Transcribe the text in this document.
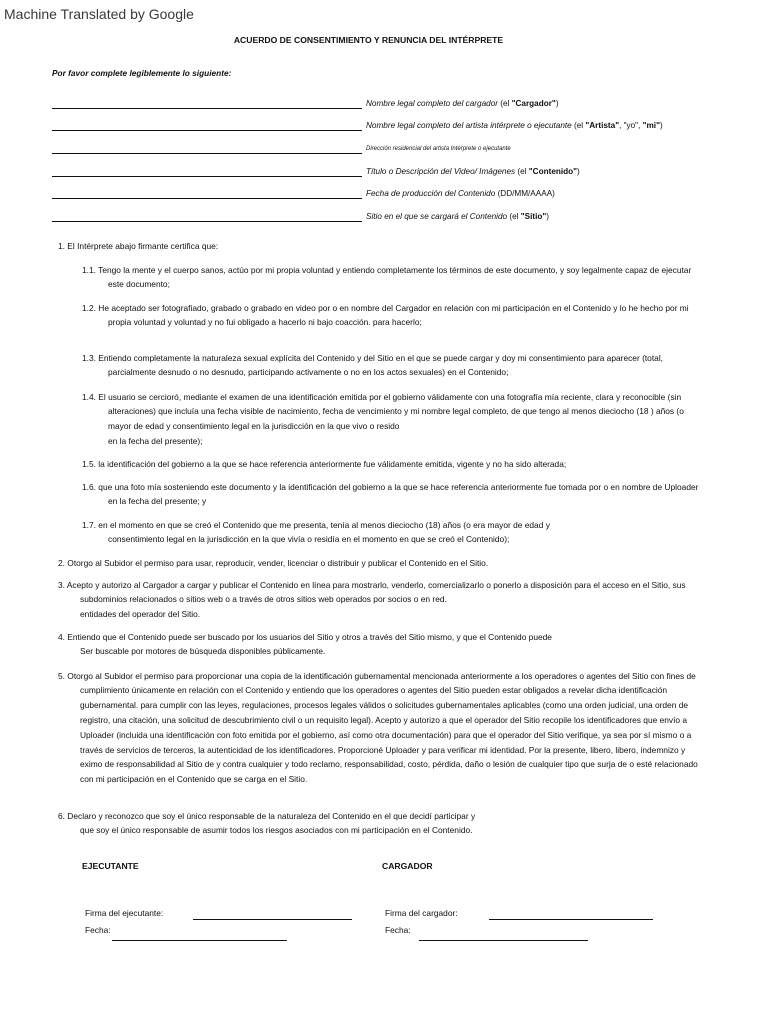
Machine Translated by Google
ACUERDO DE CONSENTIMIENTO Y RENUNCIA DEL INTÉRPRETE
Por favor complete legiblemente lo siguiente:
Nombre legal completo del cargador (el "Cargador")
Nombre legal completo del artista intérprete o ejecutante (el "Artista", "yo", "mi")
Dirección residencial del artista Intérprete o ejecutante
Título o Descripción del Video/ Imágenes (el "Contenido")
Fecha de producción del Contenido (DD/MM/AAAA)
Sitio en el que se cargará el Contenido (el "Sitio")
1. El Intérprete abajo firmante certifica que:
1.1. Tengo la mente y el cuerpo sanos, actúo por mi propia voluntad y entiendo completamente los términos de este documento, y soy legalmente capaz de ejecutar
este documento;
1.2. He aceptado ser fotografiado, grabado o grabado en video por o en nombre del Cargador en relación con mi participación en el Contenido y lo he hecho por mi
propia voluntad y voluntad y no fui obligado a hacerlo ni bajo coacción. para hacerlo;
1.3. Entiendo completamente la naturaleza sexual explícita del Contenido y del Sitio en el que se puede cargar y doy mi consentimiento para aparecer (total,
parcialmente desnudo o no desnudo, participando activamente o no en los actos sexuales) en el Contenido;
1.4. El usuario se cercioró, mediante el examen de una identificación emitida por el gobierno válidamente con una fotografía mía reciente, clara y reconocible (sin
alteraciones) que incluía una fecha visible de nacimiento, fecha de vencimiento y mi nombre legal completo, de que tengo al menos dieciocho (18 ) años (o
mayor de edad y consentimiento legal en la jurisdicción en la que vivo o resido
en la fecha del presente);
1.5. la identificación del gobierno a la que se hace referencia anteriormente fue válidamente emitida, vigente y no ha sido alterada;
1.6. que una foto mía sosteniendo este documento y la identificación del gobierno a la que se hace referencia anteriormente fue tomada por o en nombre de Uploader
en la fecha del presente; y
1.7. en el momento en que se creó el Contenido que me presenta, tenía al menos dieciocho (18) años (o era mayor de edad y
consentimiento legal en la jurisdicción en la que vivía o residía en el momento en que se creó el Contenido);
2. Otorgo al Subidor el permiso para usar, reproducir, vender, licenciar o distribuir y publicar el Contenido en el Sitio.
3. Acepto y autorizo al Cargador a cargar y publicar el Contenido en línea para mostrarlo, venderlo, comercializarlo o ponerlo a disposición para el acceso en el Sitio, sus
subdominios relacionados o sitios web o a través de otros sitios web operados por socios o en red.
entidades del operador del Sitio.
4. Entiendo que el Contenido puede ser buscado por los usuarios del Sitio y otros a través del Sitio mismo, y que el Contenido puede
Ser buscable por motores de búsqueda disponibles públicamente.
5. Otorgo al Subidor el permiso para proporcionar una copia de la identificación gubernamental mencionada anteriormente a los operadores o agentes del Sitio con fines de
cumplimiento únicamente en relación con el Contenido y entiendo que los operadores o agentes del Sitio pueden estar obligados a revelar dicha identificación
gubernamental. para cumplir con las leyes, regulaciones, procesos legales válidos o solicitudes gubernamentales aplicables (como una orden judicial, una orden de
registro, una citación, una solicitud de descubrimiento civil o un requisito legal). Acepto y autorizo a que el operador del Sitio recopile los identificadores que envío a
Uploader (incluida una identificación con foto emitida por el gobierno, así como otra documentación) para que el operador del Sitio verifique, ya sea por sí mismo o a
través de servicios de terceros, la autenticidad de los identificadores. Proporcioné Uploader y para verificar mi identidad. Por la presente, libero, libero, indemnizo y
eximo de responsabilidad al Sitio de y contra cualquier y todo reclamo, responsabilidad, costo, pérdida, daño o lesión de cualquier tipo que surja de o esté relacionado
con mi participación en el Contenido que se carga en el Sitio.
6. Declaro y reconozco que soy el único responsable de la naturaleza del Contenido en el que decidí participar y
que soy el único responsable de asumir todos los riesgos asociados con mi participación en el Contenido.
EJECUTANTE
Firma del ejecutante:
Fecha:
CARGADOR
Firma del cargador:
Fecha:
